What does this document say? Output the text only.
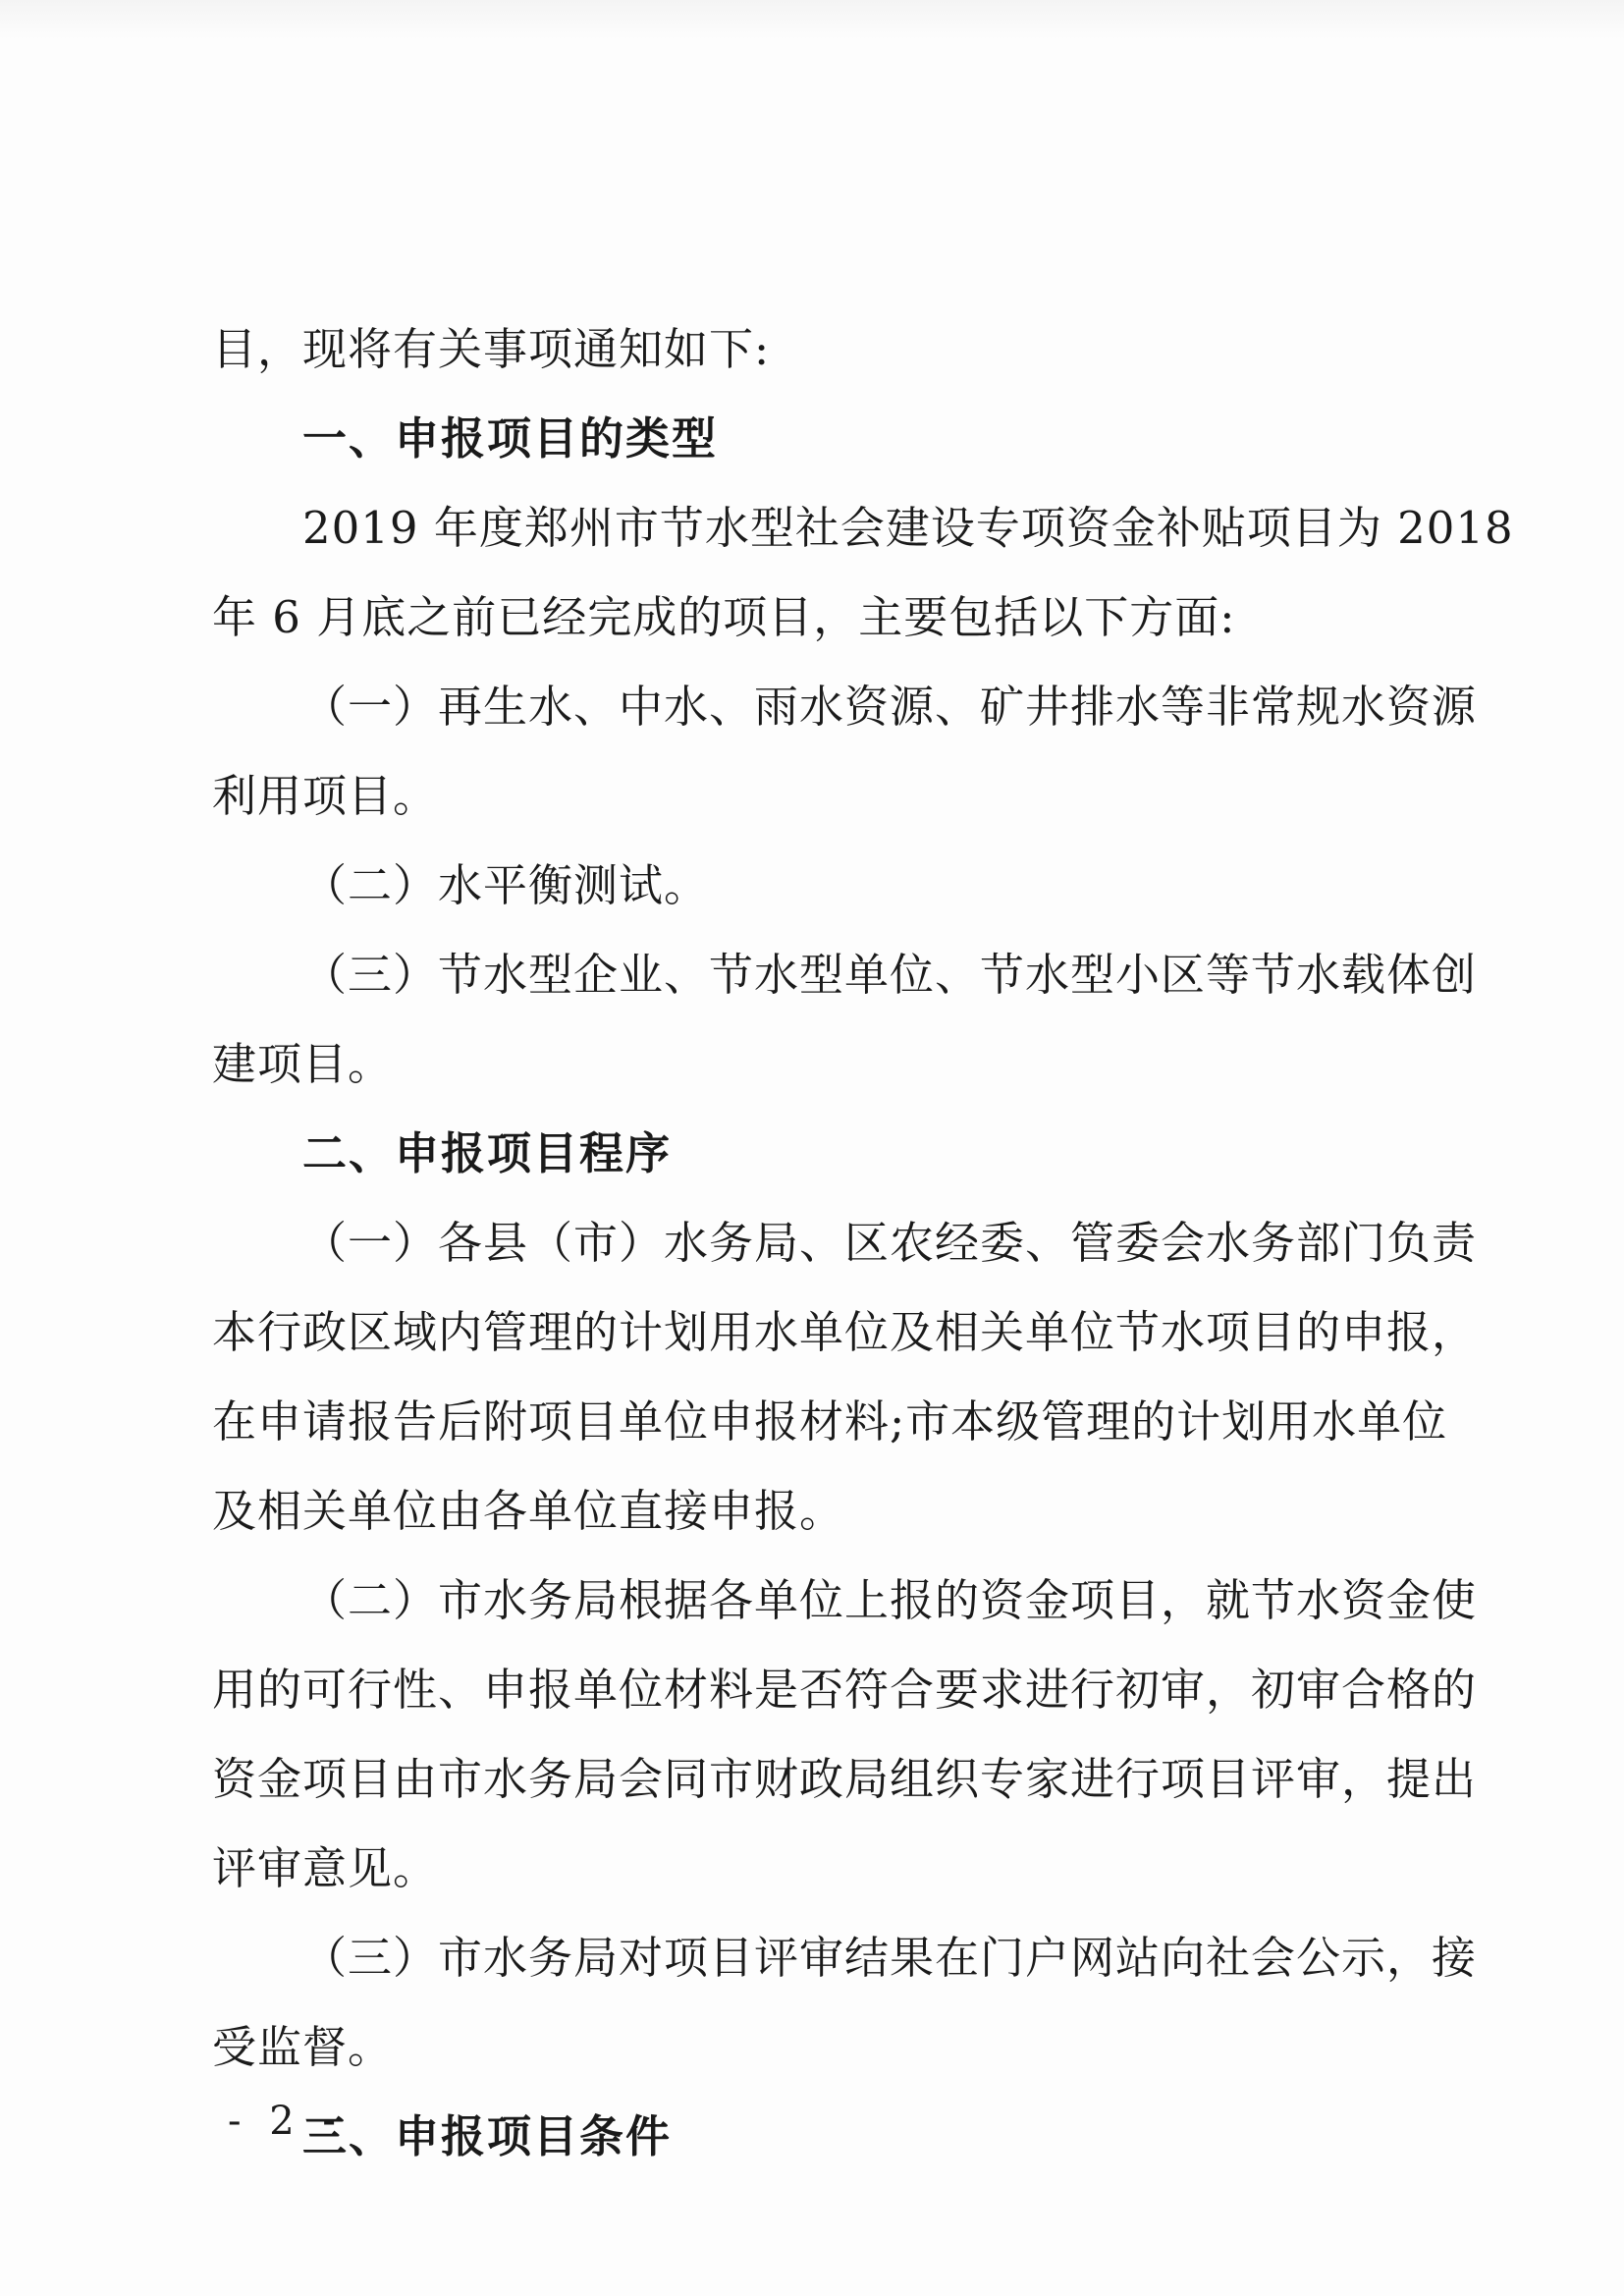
目，现将有关事项通知如下:
一、申报项目的类型
2019 年度郑州市节水型社会建设专项资金补贴项目为 2018
年 6 月底之前已经完成的项目，主要包括以下方面:
（一）再生水、中水、雨水资源、矿井排水等非常规水资源
利用项目。
（二）水平衡测试。
（三）节水型企业、节水型单位、节水型小区等节水载体创
建项目。
二、申报项目程序
（一）各县（市）水务局、区农经委、管委会水务部门负责
本行政区域内管理的计划用水单位及相关单位节水项目的申报，
在申请报告后附项目单位申报材料;市本级管理的计划用水单位
及相关单位由各单位直接申报。
（二）市水务局根据各单位上报的资金项目，就节水资金使
用的可行性、申报单位材料是否符合要求进行初审，初审合格的
资金项目由市水务局会同市财政局组织专家进行项目评审，提出
评审意见。
（三）市水务局对项目评审结果在门户网站向社会公示，接
受监督。
三、申报项目条件
- 2 -
